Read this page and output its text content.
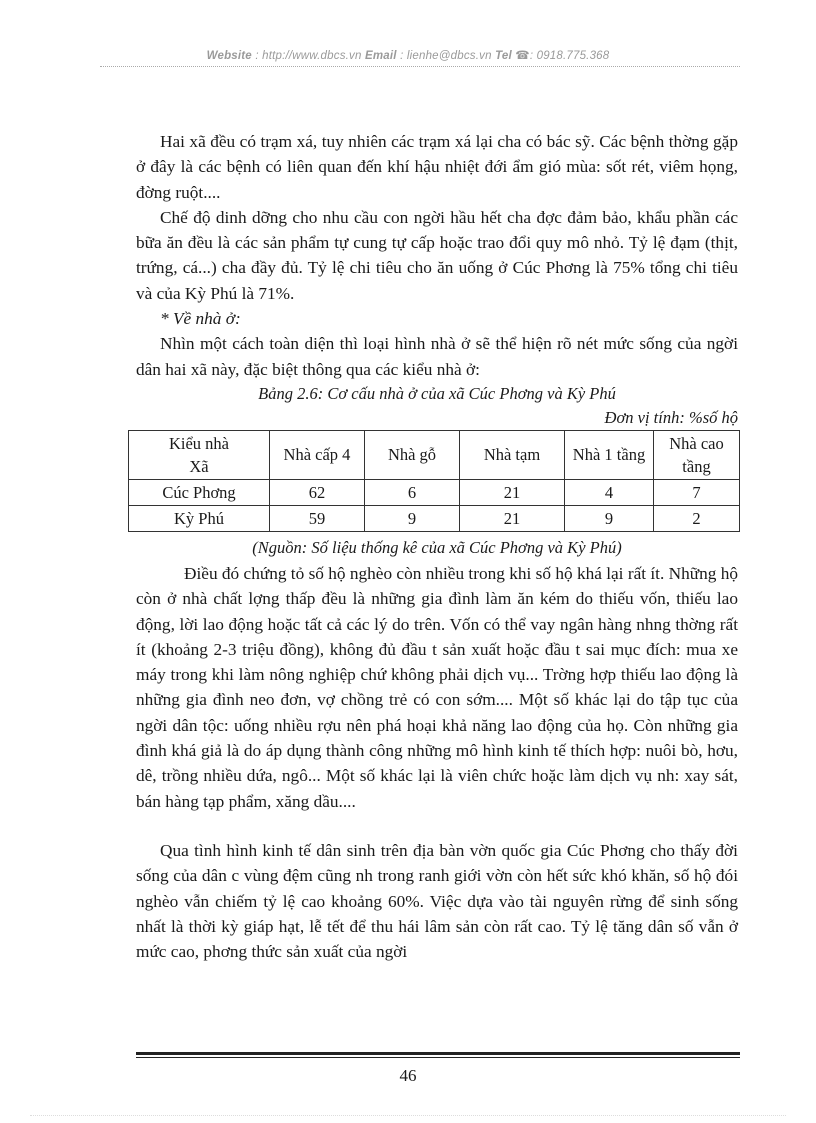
Website : http://www.dbcs.vn Email : lienhe@dbcs.vn Tel ☎: 0918.775.368

Hai xã đều có trạm xá, tuy nhiên các trạm xá lại cha có bác sỹ. Các bệnh thờng gặp ở đây là các bệnh có liên quan đến khí hậu nhiệt đới ẩm gió mùa: sốt rét, viêm họng, đờng ruột....

Chế độ dinh dỡng cho nhu cầu con ngời hầu hết cha đợc đảm bảo, khẩu phần các bữa ăn đều là các sản phẩm tự cung tự cấp hoặc trao đổi quy mô nhỏ. Tỷ lệ đạm (thịt, trứng, cá...) cha đầy đủ. Tỷ lệ chi tiêu cho ăn uống ở Cúc Phơng là 75% tổng chi tiêu và của Kỳ Phú là 71%.

* Về nhà ở:

Nhìn một cách toàn diện thì loại hình nhà ở sẽ thể hiện rõ nét mức sống của ngời dân hai xã này, đặc biệt thông qua các kiểu nhà ở:

Bảng 2.6: Cơ cấu nhà ở của xã Cúc Phơng và Kỳ Phú
Đơn vị tính: %số hộ
Kiểu nhà
Xã	Nhà cấp 4	Nhà gỗ	Nhà tạm	Nhà 1 tầng	Nhà cao tầng
Cúc Phơng	62	6	21	4	7
Kỳ Phú	59	9	21	9	2
(Nguồn: Số liệu thống kê của xã Cúc Phơng và Kỳ Phú)

Điều đó chứng tỏ số hộ nghèo còn nhiều trong khi số hộ khá lại rất ít. Những hộ còn ở nhà chất lợng thấp đều là những gia đình làm ăn kém do thiếu vốn, thiếu lao động, lời lao động hoặc tất cả các lý do trên. Vốn có thể vay ngân hàng nhng thờng rất ít (khoảng 2-3 triệu đồng), không đủ đầu t sản xuất hoặc đầu t sai mục đích: mua xe máy trong khi làm nông nghiệp chứ không phải dịch vụ... Trờng hợp thiếu lao động là những gia đình neo đơn, vợ chồng trẻ có con sớm.... Một số khác lại do tập tục của ngời dân tộc: uống nhiều rợu nên phá hoại khả năng lao động của họ. Còn những gia đình khá giả là do áp dụng thành công những mô hình kinh tế thích hợp: nuôi bò, hơu, dê, trồng nhiều dứa, ngô... Một số khác lại là viên chức hoặc làm dịch vụ nh: xay sát, bán hàng tạp phẩm, xăng dầu....

Qua tình hình kinh tế dân sinh trên địa bàn vờn quốc gia Cúc Phơng cho thấy đời sống của dân c vùng đệm cũng nh trong ranh giới vờn còn hết sức khó khăn, số hộ đói nghèo vẫn chiếm tỷ lệ cao khoảng 60%. Việc dựa vào tài nguyên rừng để sinh sống nhất là thời kỳ giáp hạt, lễ tết để thu hái lâm sản còn rất cao. Tỷ lệ tăng dân số vẫn ở mức cao, phơng thức sản xuất của ngời

46
